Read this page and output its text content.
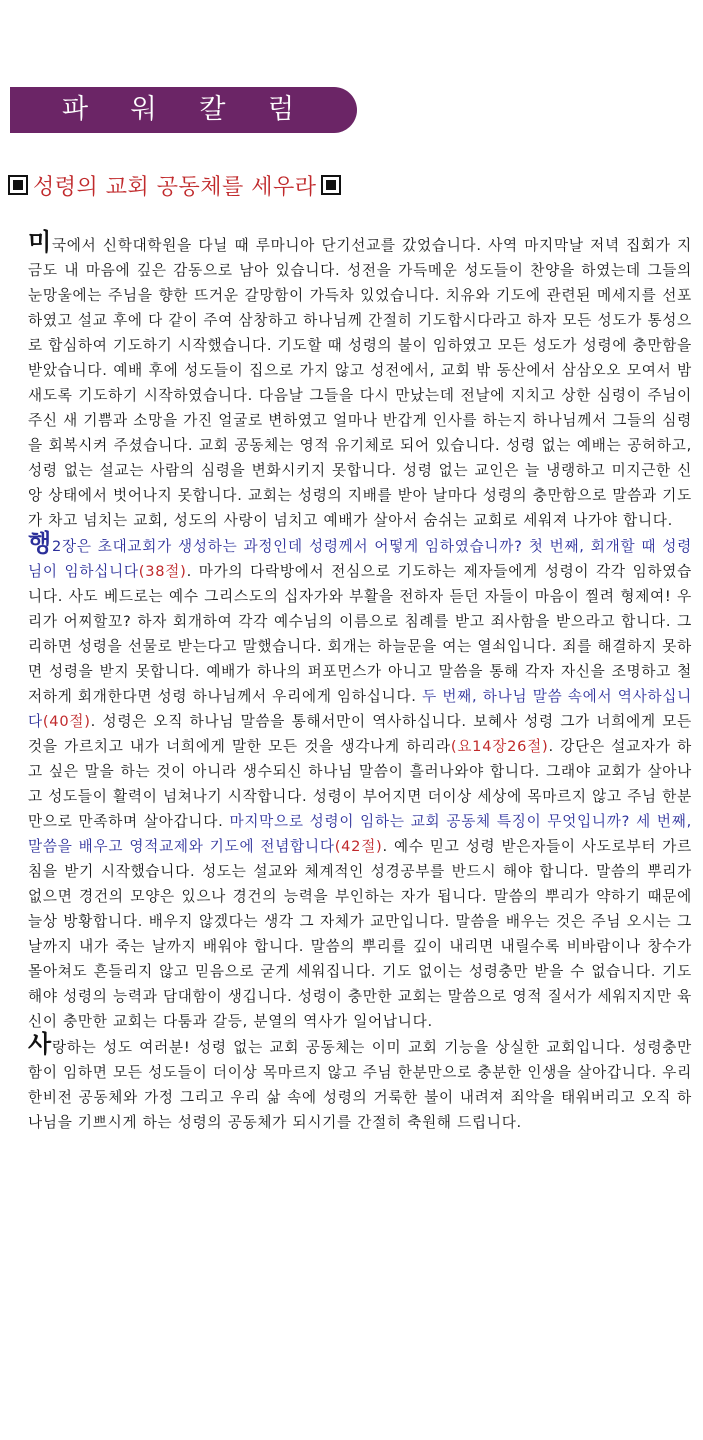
파 워 칼 럼
성령의 교회 공동체를 세우라

미국에서 신학대학원을 다닐 때 루마니아 단기선교를 갔었습니다. 사역 마지막날 저녁 집회가 지금도 내 마음에 깊은 감동으로 남아 있습니다. 성전을 가득메운 성도들이 찬양을 하였는데 그들의 눈망울에는 주님을 향한 뜨거운 갈망함이 가득차 있었습니다. 치유와 기도에 관련된 메세지를 선포하였고 설교 후에 다 같이 주여 삼창하고 하나님께 간절히 기도합시다라고 하자 모든 성도가 통성으로 합심하여 기도하기 시작했습니다. 기도할 때 성령의 불이 임하였고 모든 성도가 성령에 충만함을 받았습니다. 예배 후에 성도들이 집으로 가지 않고 성전에서, 교회 밖 동산에서 삼삼오오 모여서 밤새도록 기도하기 시작하였습니다. 다음날 그들을 다시 만났는데 전날에 지치고 상한 심령이 주님이 주신 새 기쁨과 소망을 가진 얼굴로 변하였고 얼마나 반갑게 인사를 하는지 하나님께서 그들의 심령을 회복시켜 주셨습니다. 교회 공동체는 영적 유기체로 되어 있습니다. 성령 없는 예배는 공허하고, 성령 없는 설교는 사람의 심령을 변화시키지 못합니다. 성령 없는 교인은 늘 냉랭하고 미지근한 신앙 상태에서 벗어나지 못합니다. 교회는 성령의 지배를 받아 날마다 성령의 충만함으로 말씀과 기도가 차고 넘치는 교회, 성도의 사랑이 넘치고 예배가 살아서 숨쉬는 교회로 세워져 나가야 합니다.

행2장은 초대교회가 생성하는 과정인데 성령께서 어떻게 임하였습니까? 첫 번째, 회개할 때 성령님이 임하십니다(38절). 마가의 다락방에서 전심으로 기도하는 제자들에게 성령이 각각 임하였습니다. 사도 베드로는 예수 그리스도의 십자가와 부활을 전하자 듣던 자들이 마음이 찔려 형제여! 우리가 어찌할꼬? 하자 회개하여 각각 예수님의 이름으로 침례를 받고 죄사함을 받으라고 합니다. 그리하면 성령을 선물로 받는다고 말했습니다. 회개는 하늘문을 여는 열쇠입니다. 죄를 해결하지 못하면 성령을 받지 못합니다. 예배가 하나의 퍼포먼스가 아니고 말씀을 통해 각자 자신을 조명하고 철저하게 회개한다면 성령 하나님께서 우리에게 임하십니다. 두 번째, 하나님 말씀 속에서 역사하십니다(40절). 성령은 오직 하나님 말씀을 통해서만이 역사하십니다. 보혜사 성령 그가 너희에게 모든 것을 가르치고 내가 너희에게 말한 모든 것을 생각나게 하리라(요14장26절). 강단은 설교자가 하고 싶은 말을 하는 것이 아니라 생수되신 하나님 말씀이 흘러나와야 합니다. 그래야 교회가 살아나고 성도들이 활력이 넘쳐나기 시작합니다. 성령이 부어지면 더이상 세상에 목마르지 않고 주님 한분만으로 만족하며 살아갑니다. 마지막으로 성령이 임하는 교회 공동체 특징이 무엇입니까? 세 번째, 말씀을 배우고 영적교제와 기도에 전념합니다(42절). 예수 믿고 성령 받은자들이 사도로부터 가르침을 받기 시작했습니다. 성도는 설교와 체계적인 성경공부를 반드시 해야 합니다. 말씀의 뿌리가 없으면 경건의 모양은 있으나 경건의 능력을 부인하는 자가 됩니다. 말씀의 뿌리가 약하기 때문에 늘상 방황합니다. 배우지 않겠다는 생각 그 자체가 교만입니다. 말씀을 배우는 것은 주님 오시는 그날까지 내가 죽는 날까지 배워야 합니다. 말씀의 뿌리를 깊이 내리면 내릴수록 비바람이나 창수가 몰아쳐도 흔들리지 않고 믿음으로 굳게 세워집니다. 기도 없이는 성령충만 받을 수 없습니다. 기도해야 성령의 능력과 담대함이 생깁니다. 성령이 충만한 교회는 말씀으로 영적 질서가 세워지지만 육신이 충만한 교회는 다툼과 갈등, 분열의 역사가 일어납니다.

사랑하는 성도 여러분! 성령 없는 교회 공동체는 이미 교회 기능을 상실한 교회입니다. 성령충만함이 임하면 모든 성도들이 더이상 목마르지 않고 주님 한분만으로 충분한 인생을 살아갑니다. 우리 한비전 공동체와 가정 그리고 우리 삶 속에 성령의 거룩한 불이 내려져 죄악을 태워버리고 오직 하나님을 기쁘시게 하는 성령의 공동체가 되시기를 간절히 축원해 드립니다.
